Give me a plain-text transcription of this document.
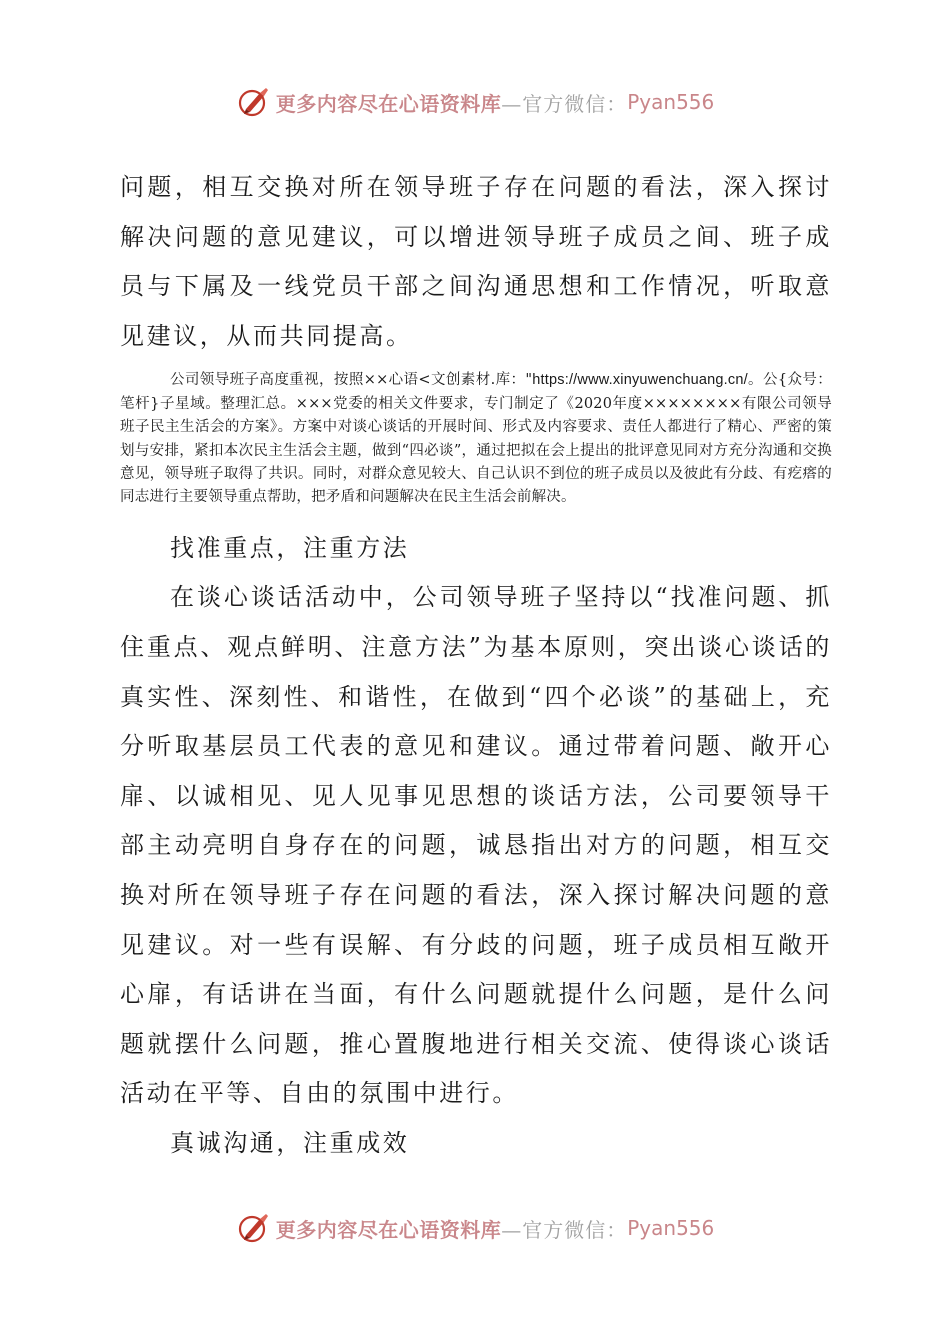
更多内容尽在心语资料库 —官方微信： Pyan556

问题，相互交换对所在领导班子存在问题的看法，深入探讨解决问题的意见建议，可以增进领导班子成员之间、班子成员与下属及一线党员干部之间沟通思想和工作情况，听取意见建议，从而共同提高。

公司领导班子高度重视，按照××心语<文创素材.库："https://www.xinyuwenchuang.cn/。公{众号：笔杆}子星域。整理汇总。×××党委的相关文件要求，专门制定了《2020年度××××××××有限公司领导班子民主生活会的方案》。方案中对谈心谈话的开展时间、形式及内容要求、责任人都进行了精心、严密的策划与安排，紧扣本次民主生活会主题，做到“四必谈”，通过把拟在会上提出的批评意见同对方充分沟通和交换意见，领导班子取得了共识。同时，对群众意见较大、自己认识不到位的班子成员以及彼此有分歧、有疙瘩的同志进行主要领导重点帮助，把矛盾和问题解决在民主生活会前解决。

找准重点，注重方法

在谈心谈话活动中，公司领导班子坚持以“找准问题、抓住重点、观点鲜明、注意方法”为基本原则，突出谈心谈话的真实性、深刻性、和谐性，在做到“四个必谈”的基础上，充分听取基层员工代表的意见和建议。通过带着问题、敞开心扉、以诚相见、见人见事见思想的谈话方法，公司要领导干部主动亮明自身存在的问题，诚恳指出对方的问题，相互交换对所在领导班子存在问题的看法，深入探讨解决问题的意见建议。对一些有误解、有分歧的问题，班子成员相互敞开心扉，有话讲在当面，有什么问题就提什么问题，是什么问题就摆什么问题，推心置腹地进行相关交流、使得谈心谈话活动在平等、自由的氛围中进行。

真诚沟通，注重成效

更多内容尽在心语资料库 —官方微信： Pyan556
